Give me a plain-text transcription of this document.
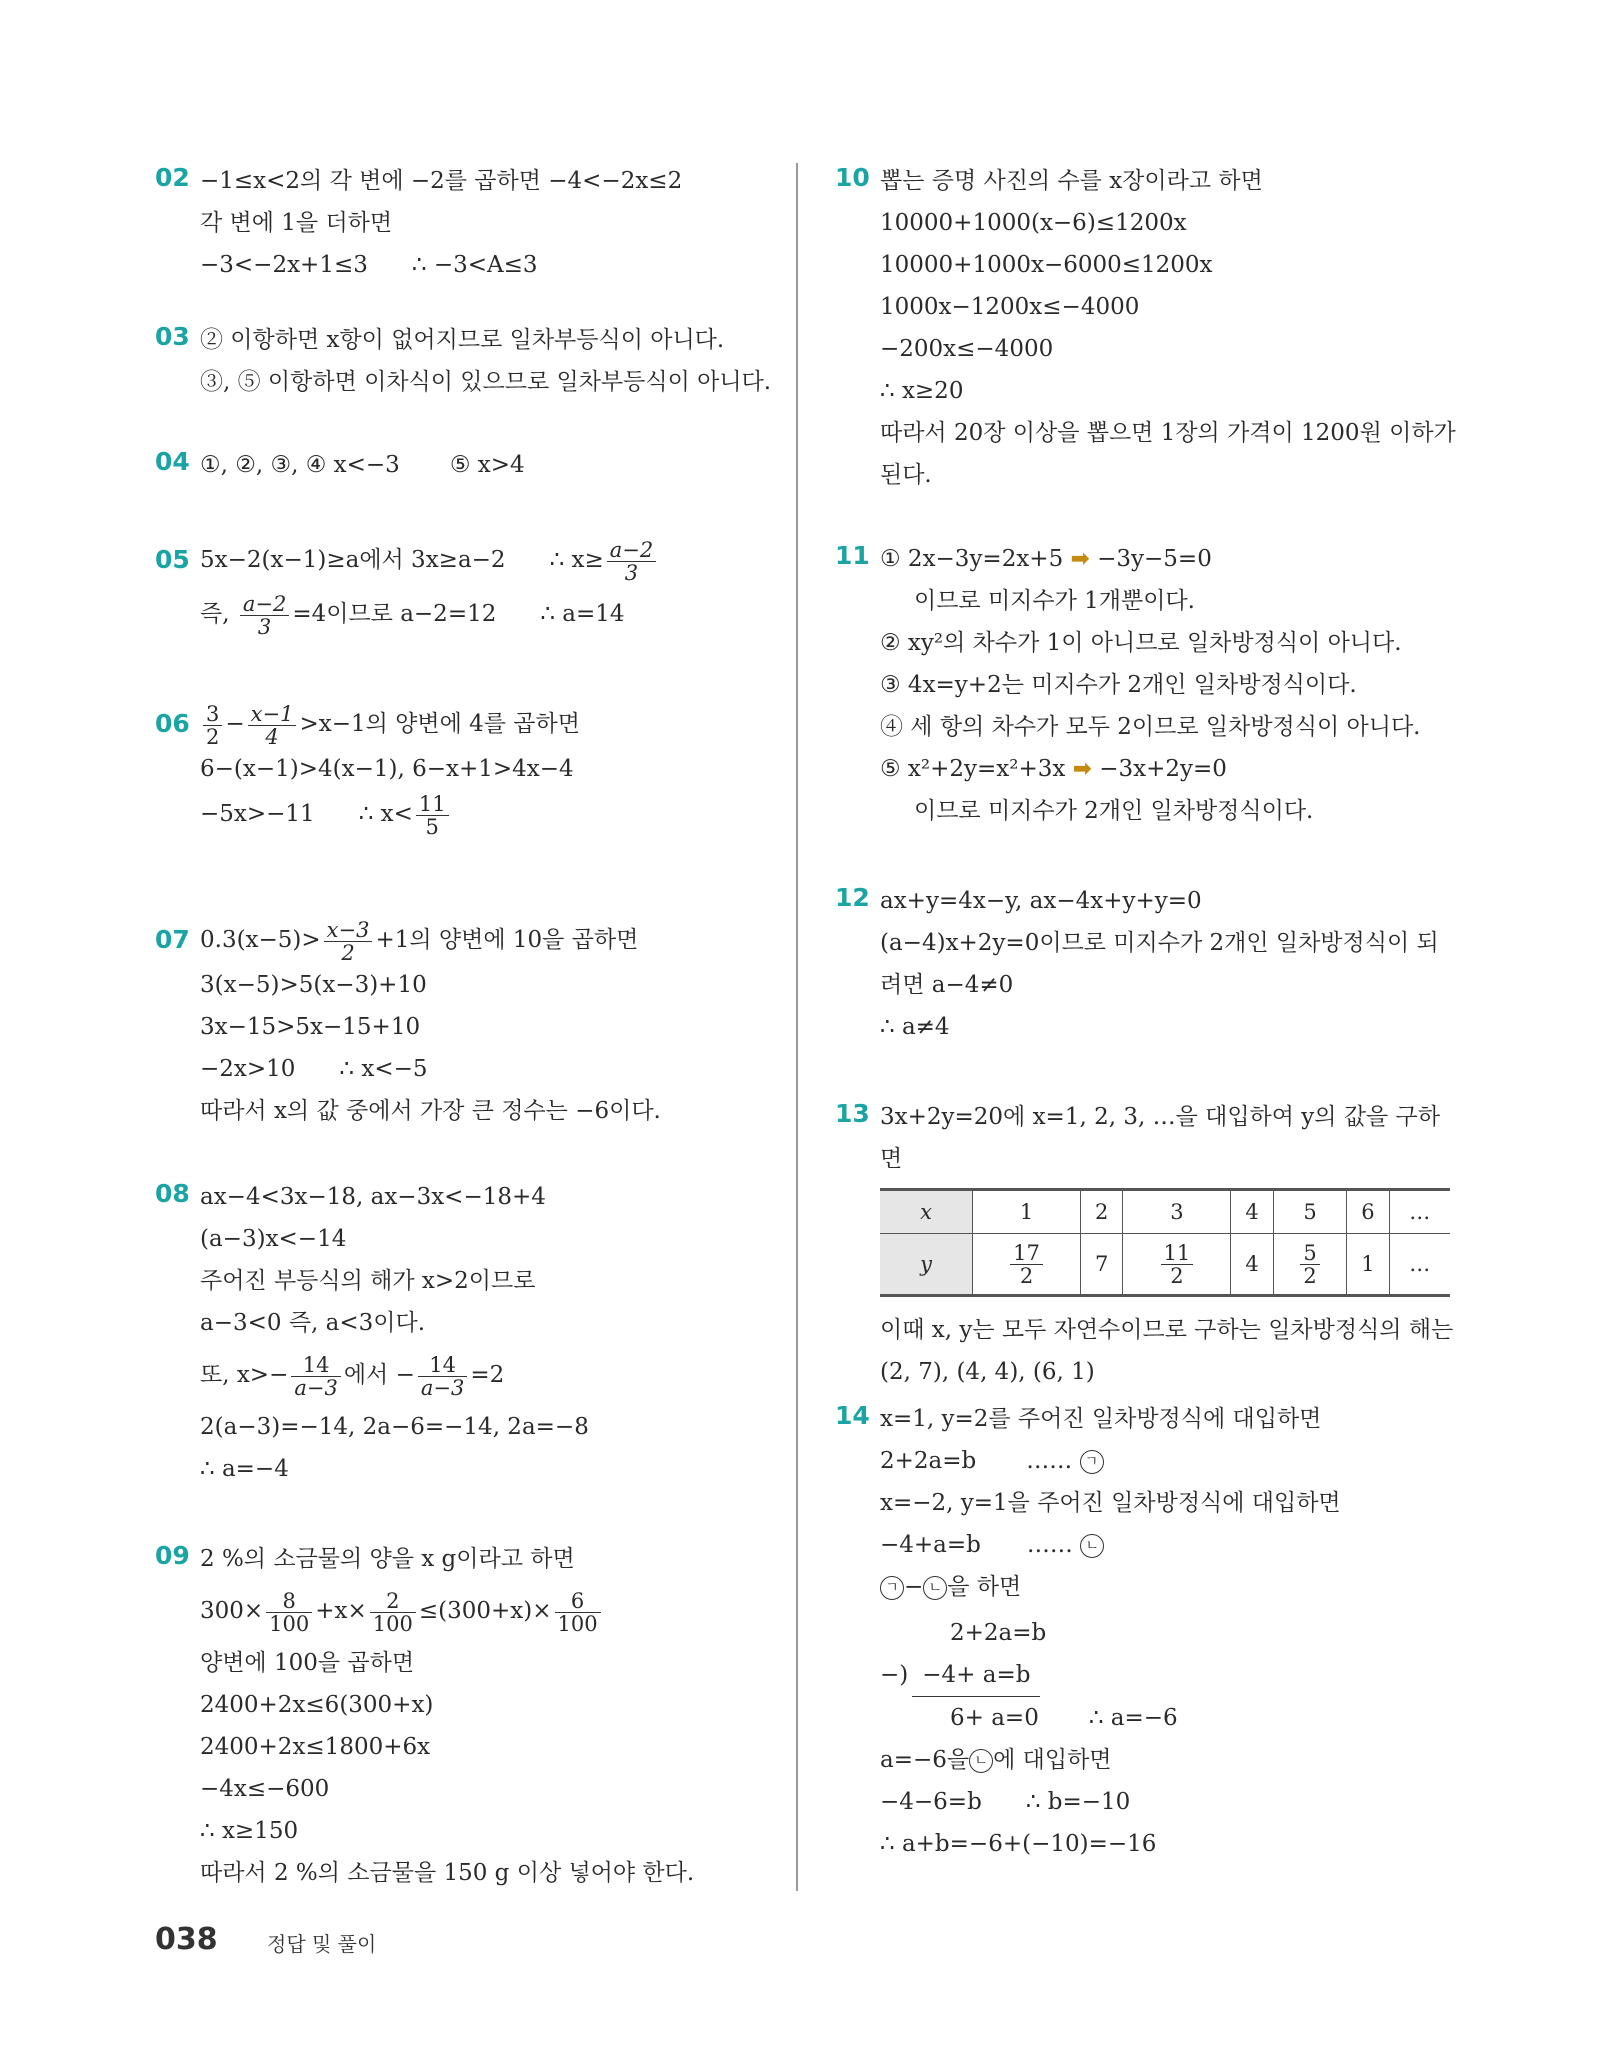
02 −1≤x<2의 각 변에 −2를 곱하면 −4<−2x≤2
각 변에 1을 더하면
−3<−2x+1≤3 ∴ −3<A≤3
03 ② 이항하면 x항이 없어지므로 일차부등식이 아니다.
③, ⑤ 이항하면 이차식이 있으므로 일차부등식이 아니다.
04 ①, ②, ③, ④ x<−3 ⑤ x>4
05 5x−2(x−1)≥a에서 3x≥a−2 ∴ $x\ge \frac{a-2}{3}$
즉, $\frac{a-2}{3} =4$이므로 a−2=12 ∴ a=14
$06 \frac{3}{2} - \frac{x-1}{4} >x-1$의 양변에 4를 곱하면
6−(x−1)>4(x−1), 6−x+1>4x−4
−5x>−11 ∴ $x< \frac{11}{5}$
07 $0.3(x-5)> \frac{x-3}{2} +1$의 양변에 10을 곱하면
3(x−5)>5(x−3)+10
3x−15>5x−15+10
−2x>10 ∴ x<−5
따라서 x의 값 중에서 가장 큰 정수는 −6이다.
08 ax−4<3x−18, ax−3x<−18+4
(a−3)x<−14
주어진 부등식의 해가 x>2이므로
a−3<0 즉, a<3이다.
또, $x>- \frac{14}{a-3}$ 에서 − $\frac{14}{a-3} =2$
2(a−3)=−14, 2a−6=−14, 2a=−8
∴ a=−4
09 2 %의 소금물의 양을 x g이라고 하면
$300\times \frac{8}{100} +x\times \frac{2}{100} \le(300+x)\times \frac{6}{100}$
양변에 100을 곱하면
2400+2x≤6(300+x)
2400+2x≤1800+6x
−4x≤−600
∴ x≥150
따라서 2 %의 소금물을 150 g 이상 넣어야 한다.
10 뽑는 증명 사진의 수를 x장이라고 하면
10000+1000(x−6)≤1200x
10000+1000x−6000≤1200x
1000x−1200x≤−4000
−200x≤−4000
∴ x≥20
따라서 20장 이상을 뽑으면 1장의 가격이 1200원 이하가
된다.
11 ① 2x−3y=2x+5 ➡ −3y−5=0
이므로 미지수가 1개뿐이다.
② xy²의 차수가 1이 아니므로 일차방정식이 아니다.
③ 4x=y+2는 미지수가 2개인 일차방정식이다.
④ 세 항의 차수가 모두 2이므로 일차방정식이 아니다.
⑤ x²+2y=x²+3x ➡ −3x+2y=0
이므로 미지수가 2개인 일차방정식이다.
12 ax+y=4x−y, ax−4x+y+y=0
(a−4)x+2y=0이므로 미지수가 2개인 일차방정식이 되
려면 a−4≠0
∴ a≠4
13 3x+2y=20에 x=1, 2, 3, …을 대입하여 y의 값을 구하
면
x	1	2	3	4	5	6	…
y	$\frac{17}{2}$	7	$\frac{11}{2}$	4	$\frac{5}{2}$	1	…
이때 x, y는 모두 자연수이므로 구하는 일차방정식의 해는
(2, 7), (4, 4), (6, 1)
14 x=1, y=2를 주어진 일차방정식에 대입하면
2+2a=b …… ㄱ
x=−2, y=1을 주어진 일차방정식에 대입하면
−4+a=b …… ㄴ
ㄱ − ㄴ 을 하면
2+2a=b
−) −4+ a=b
6+ a=0 ∴ a=−6
a=−6을 ㄴ 에 대입하면
−4−6=b ∴ b=−10
∴ a+b=−6+(−10)=−16
038 정답 및 풀이
